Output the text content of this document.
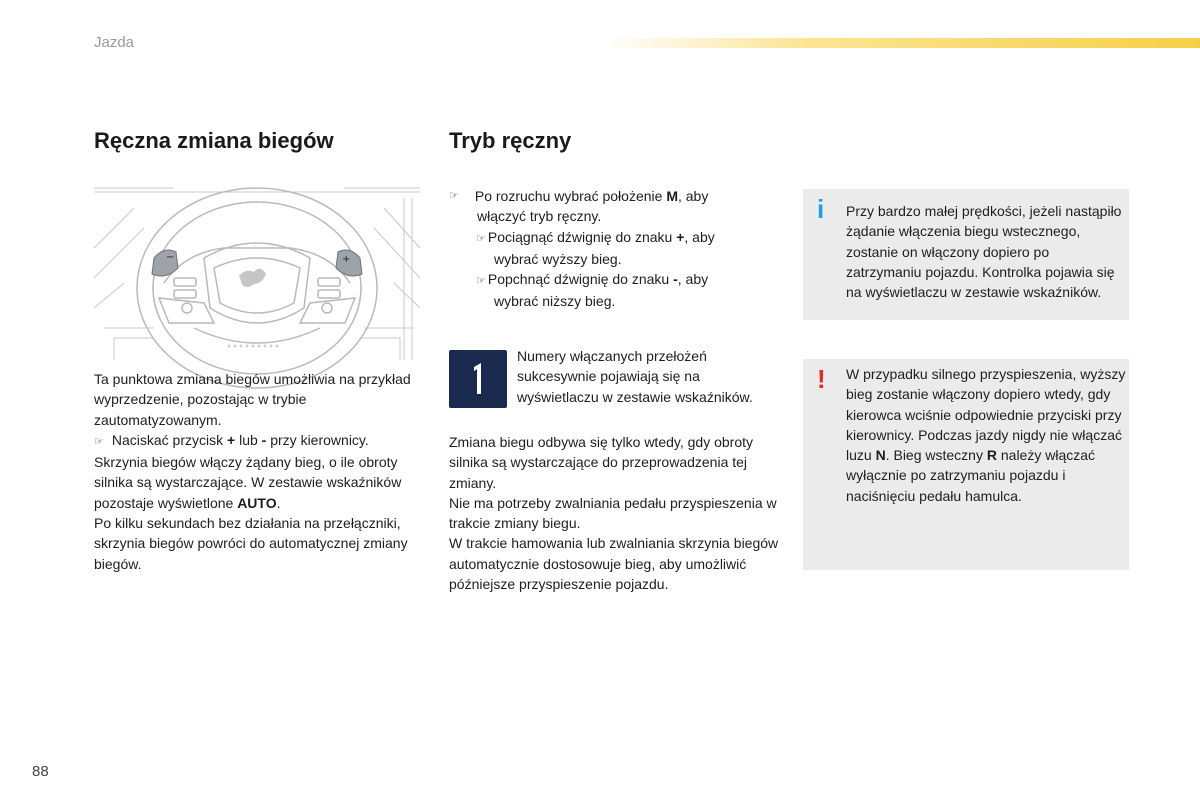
Jazda
Ręczna zmiana biegów	Tryb ręczny
−	+

Ta punktowa zmiana biegów umożliwia na przykład wyprzedzenie, pozostając w trybie zautomatyzowanym.

☞ Naciskać przycisk + lub - przy kierownicy.

Skrzynia biegów włączy żądany bieg, o ile obroty silnika są wystarczające. W zestawie wskaźników pozostaje wyświetlone AUTO.

Po kilku sekundach bez działania na przełączniki, skrzynia biegów powróci do automatycznej zmiany biegów.

☞ Po rozruchu wybrać położenie M, aby
włączyć tryb ręczny.
☞ Pociągnąć dźwignię do znaku +, aby
wybrać wyższy bieg.
☞ Popchnąć dźwignię do znaku -, aby
wybrać niższy bieg.
1
Numery włączanych przełożeń sukcesywnie pojawiają się na wyświetlaczu w zestawie wskaźników.

Zmiana biegu odbywa się tylko wtedy, gdy obroty silnika są wystarczające do przeprowadzenia tej zmiany.

Nie ma potrzeby zwalniania pedału przyspieszenia w trakcie zmiany biegu.

W trakcie hamowania lub zwalniania skrzynia biegów automatycznie dostosowuje bieg, aby umożliwić późniejsze przyspieszenie pojazdu.

i Przy bardzo małej prędkości, jeżeli nastąpiło żądanie włączenia biegu wstecznego, zostanie on włączony dopiero po zatrzymaniu pojazdu. Kontrolka pojawia się na wyświetlaczu w zestawie wskaźników.
! W przypadku silnego przyspieszenia, wyższy bieg zostanie włączony dopiero wtedy, gdy kierowca wciśnie odpowiednie przyciski przy kierownicy. Podczas jazdy nigdy nie włączać luzu N. Bieg wsteczny R należy włączać wyłącznie po zatrzymaniu pojazdu i naciśnięciu pedału hamulca.
88
